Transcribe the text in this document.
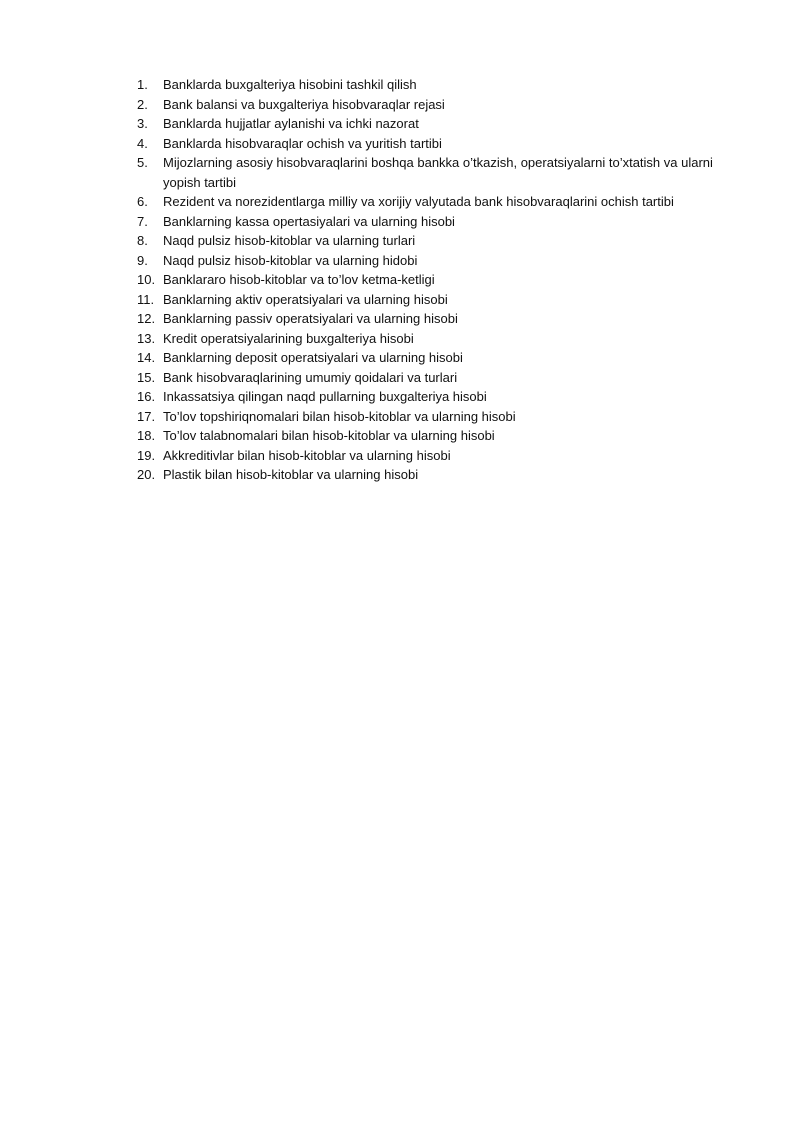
1.	Banklarda buxgalteriya hisobini tashkil qilish
2.	Bank balansi va buxgalteriya hisobvaraqlar rejasi
3.	Banklarda hujjatlar aylanishi va ichki nazorat
4.	Banklarda hisobvaraqlar ochish va yuritish tartibi
5.	Mijozlarning asosiy hisobvaraqlarini boshqa bankka o’tkazish, operatsiyalarni to’xtatish va ularni yopish tartibi
6.	Rezident va norezidentlarga milliy va xorijiy valyutada bank hisobvaraqlarini ochish tartibi
7.	Banklarning kassa opertasiyalari va ularning hisobi
8.	Naqd pulsiz hisob-kitoblar va ularning turlari
9.	Naqd pulsiz hisob-kitoblar va ularning hidobi
10. Banklararo hisob-kitoblar va to’lov ketma-ketligi
11. Banklarning aktiv operatsiyalari va ularning hisobi
12. Banklarning passiv operatsiyalari va ularning hisobi
13. Kredit operatsiyalarining buxgalteriya hisobi
14. Banklarning deposit operatsiyalari va ularning hisobi
15. Bank hisobvaraqlarining umumiy qoidalari va turlari
16. Inkassatsiya qilingan naqd pullarning buxgalteriya hisobi
17. To’lov topshiriqnomalari bilan hisob-kitoblar va ularning hisobi
18. To’lov talabnomalari bilan hisob-kitoblar va ularning hisobi
19. Akkreditivlar bilan hisob-kitoblar va ularning hisobi
20. Plastik bilan hisob-kitoblar va ularning hisobi
